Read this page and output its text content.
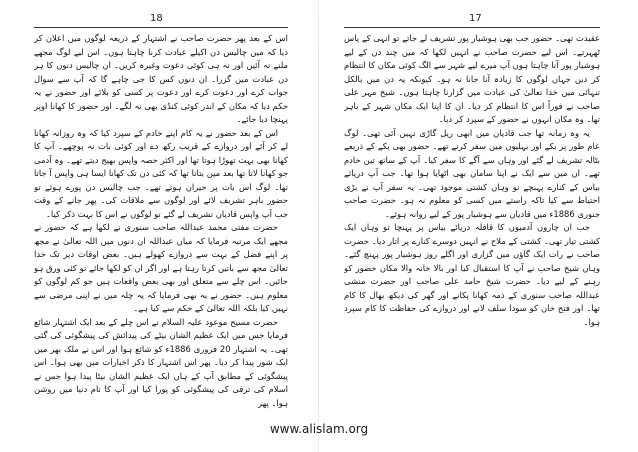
18	17

اس کے بعد پھر حضرت صاحب نے اشتہار کے ذریعہ لوگوں میں اعلان کر دیا کہ میں چالیس دن اکیلے عبادت کرنا چاہتا ہوں۔ اس لیے لوگ مجھے ملنے نہ آئیں اور نہ ہی کوئی دعوت وغیرہ کریں۔ ان چالیس دنوں کا ہر دن عبادت میں گزرا۔ ان دنوں کس کا جی چاہے گا کہ آپ سے سوال جواب کرے اور دعوت کرے اور دعوت پر کسی کو بلائے اور حضور نے یہ حکم دیا کہ مکان کے اندر کوئی کنڈی بھی نہ لگے۔ اور حضور کا کھانا اوپر پہنچا دیا جائے۔

اس کے بعد حضور نے یہ کام اپنے خادم کے سپرد کیا کہ وہ روزانہ کھانا لے کر آئے اور دروازے کے قریب رکھ دے اور کوئی بات نہ پوچھے۔ آپ کا کھانا بھی بہت تھوڑا ہوتا تھا اور اکثر حصہ واپس بھیج دیتے تھے۔ وہ آدمی جو کھانا لاتا تھا بعد میں بتاتا تھا کہ کئی دن تک کھانا ایسا ہی واپس آ جاتا تھا۔ لوگ اس بات پر حیران ہوتے تھے۔ جب چالیس دن پورے ہوئے تو حضور باہر تشریف لائے اور لوگوں سے ملاقات کی۔ پھر جانے کے وقت جب آپ واپس قادیان تشریف لے گئے تو لوگوں نے اس کا بہت ذکر کیا۔

حضرت مفتی محمد عبداللہ صاحب سنوری نے لکھا ہے کہ حضور نے مجھے ایک مرتبہ فرمایا کہ میاں عبداللہ ان دنوں میں اللہ تعالیٰ نے مجھ پر اپنے فضل کے بہت سے دروازے کھولے ہیں۔ بعض اوقات دیر تک خدا تعالیٰ مجھ سے باتیں کرتا رہتا ہے اور اگر ان کو لکھا جائے تو کئی ورق ہو جائیں۔ اس چلے سے متعلق اور بھی بعض واقعات ہیں جو کم لوگوں کو معلوم ہیں۔ حضور نے یہ بھی فرمایا کہ یہ چلہ میں نے اپنی مرضی سے نہیں کیا بلکہ اللہ تعالیٰ کے حکم سے کیا ہے۔

حضرت مسیح موعود علیہ السلام نے اس چلے کے بعد ایک اشتہار شائع فرمایا جس میں ایک عظیم الشان بیٹے کی پیدائش کی پیشگوئی کی گئی تھی۔ یہ اشتہار 20 فروری 1886ء کو شائع ہوا اور اس نے ملک بھر میں ایک شور پیدا کر دیا۔ پھر اس اشتہار کا ذکر اخبارات میں بھی ہوا۔ اس پیشگوئی کے مطابق آپ کے ہاں ایک عظیم الشان بیٹا پیدا ہوا جس نے اسلام کی ترقی کی پیشگوئی کو پورا کیا اور آپ کا نام دنیا میں روشن ہوا۔ پھر

عقیدت تھی۔ حضور جب بھی ہوشیار پور تشریف لے جاتے تو انہی کے پاس ٹھہرتے۔ اس لیے حضرت صاحب نے انہیں لکھا کہ میں چند دن کے لیے ہوشیار پور آنا چاہتا ہوں آپ میرے لیے شہر سے الگ کوئی مکان کا انتظام کر دیں جہاں لوگوں کا زیادہ آنا جانا نہ ہو۔ کیونکہ یہ دن میں بالکل تنہائی میں خدا تعالیٰ کی عبادت میں گزارنا چاہتا ہوں۔ شیخ مہر علی صاحب نے فوراً اس کا انتظام کر دیا۔ ان کا اپنا ایک مکان شہر کے باہر تھا۔ وہ مکان انہوں نے حضور کے سپرد کر دیا۔

یہ وہ زمانہ تھا جب قادیان میں ابھی ریل گاڑی نہیں آئی تھی۔ لوگ عام طور پر یکے اور بہلیوں میں سفر کرتے تھے۔ حضور بھی یکے کے ذریعے بٹالہ تشریف لے گئے اور وہاں سے آگے کا سفر کیا۔ آپ کے ساتھ تین خادم تھے۔ ان میں سے ایک نے اپنا سامان بھی اٹھایا ہوا تھا۔ جب آپ دریائے بیاس کے کنارے پہنچے تو وہاں کشتی موجود تھی۔ یہ سفر آپ نے بڑی احتیاط سے کیا تاکہ راستے میں کسی کو معلوم نہ ہو۔ حضرت صاحب جنوری 1886ء میں قادیان سے ہوشیار پور کے لیے روانہ ہوئے۔

جب ان چاروں آدمیوں کا قافلہ دریائے بیاس پر پہنچا تو وہاں ایک کشتی تیار تھی۔ کشتی کے ملاح نے انہیں دوسرے کنارے پر اتار دیا۔ حضرت صاحب نے رات ایک گاؤں میں گزاری اور اگلے روز ہوشیار پور پہنچ گئے۔ وہاں شیخ صاحب نے آپ کا استقبال کیا اور بالا خانہ والا مکان حضور کو رہنے کے لیے دیا۔ حضرت شیخ حامد علی صاحب اور حضرت منشی عبداللہ صاحب سنوری کے ذمہ کھانا پکانے اور گھر کی دیکھ بھال کا کام تھا۔ اور فتح خان کو سودا سلف لانے اور دروازے کی حفاظت کا کام سپرد ہوا۔

www.alislam.org
